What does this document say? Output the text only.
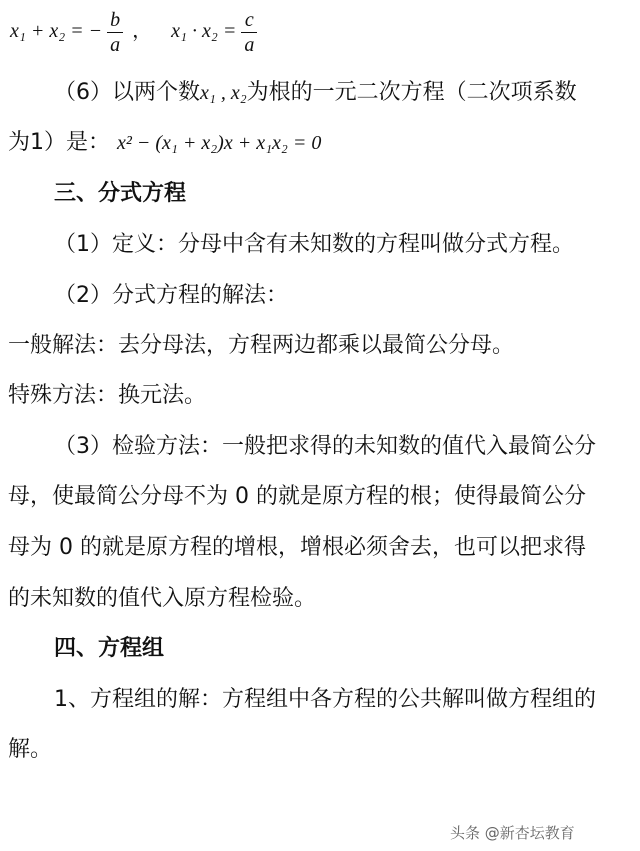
x₁ + x₂ = − $\frac{b}{a}$ ， $x_1 \cdot x_2 = \frac{c}{a}$
（6）以两个数x₁ , x₂为根的一元二次方程（二次项系数
为1）是： x² − (x₁ + x₂)x + x₁x₂ = 0
三、分式方程
（1）定义：分母中含有未知数的方程叫做分式方程。
（2）分式方程的解法：
一般解法：去分母法，方程两边都乘以最简公分母。
特殊方法：换元法。
（3）检验方法：一般把求得的未知数的值代入最简公分
母，使最简公分母不为 0 的就是原方程的根；使得最简公分
母为 0 的就是原方程的增根，增根必须舍去，也可以把求得
的未知数的值代入原方程检验。
四、方程组
1、方程组的解：方程组中各方程的公共解叫做方程组的
解。
头条 @新杏坛教育
